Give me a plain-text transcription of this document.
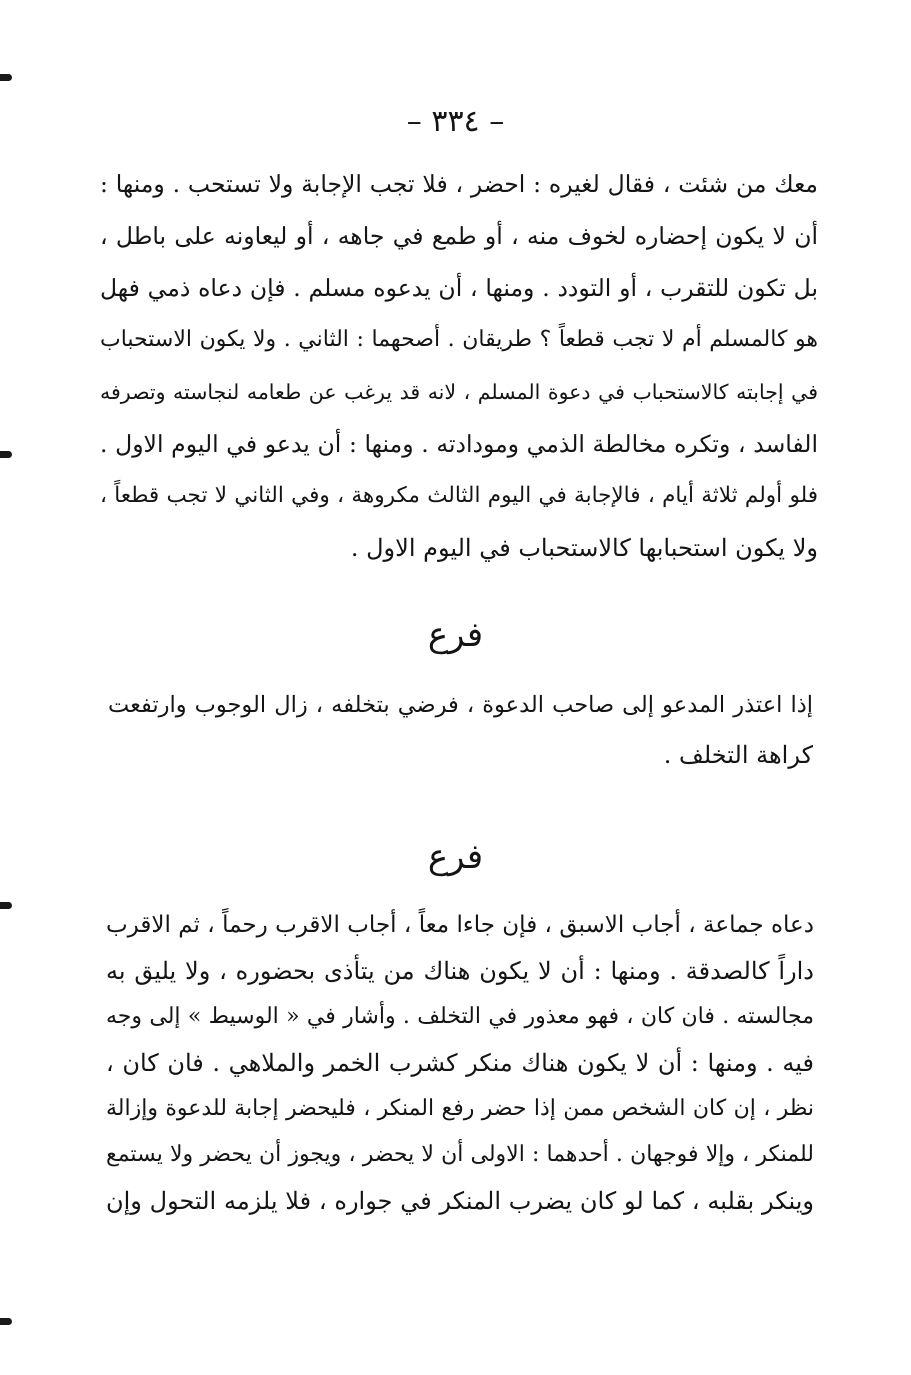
– ٣٣٤ –
معك من شئت ، فقال لغيره : احضر ، فلا تجب الإجابة ولا تستحب . ومنها :
أن لا يكون إحضاره لخوف منه ، أو طمع في جاهه ، أو ليعاونه على باطل ،
بل تكون للتقرب ، أو التودد . ومنها ، أن يدعوه مسلم . فإن دعاه ذمي فهل
هو كالمسلم أم لا تجب قطعاً ؟ طريقان . أصحهما : الثاني . ولا يكون الاستحباب
في إجابته كالاستحباب في دعوة المسلم ، لانه قد يرغب عن طعامه لنجاسته وتصرفه
الفاسد ، وتكره مخالطة الذمي ومودادته . ومنها : أن يدعو في اليوم الاول .
فلو أولم ثلاثة أيام ، فالإجابة في اليوم الثالث مكروهة ، وفي الثاني لا تجب قطعاً ،
ولا يكون استحبابها كالاستحباب في اليوم الاول .
فرع
إذا اعتذر المدعو إلى صاحب الدعوة ، فرضي بتخلفه ، زال الوجوب وارتفعت
كراهة التخلف .
فرع
دعاه جماعة ، أجاب الاسبق ، فإن جاءا معاً ، أجاب الاقرب رحماً ، ثم الاقرب
داراً كالصدقة . ومنها : أن لا يكون هناك من يتأذى بحضوره ، ولا يليق به
مجالسته . فان كان ، فهو معذور في التخلف . وأشار في « الوسيط » إلى وجه
فيه . ومنها : أن لا يكون هناك منكر كشرب الخمر والملاهي . فان كان ،
نظر ، إن كان الشخص ممن إذا حضر رفع المنكر ، فليحضر إجابة للدعوة وإزالة
للمنكر ، وإلا فوجهان . أحدهما : الاولى أن لا يحضر ، ويجوز أن يحضر ولا يستمع
وينكر بقلبه ، كما لو كان يضرب المنكر في جواره ، فلا يلزمه التحول وإن
